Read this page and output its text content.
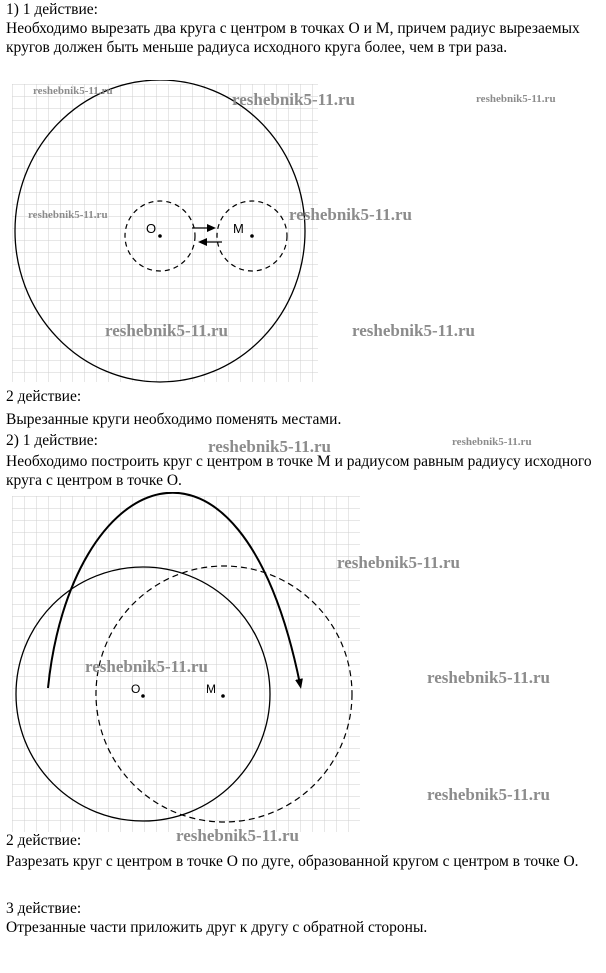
1) 1 действие:
Необходимо вырезать два круга с центром в точках O и M, причем радиус вырезаемых кругов должен быть меньше радиуса исходного круга более, чем в три раза.
O	M
2 действие:
Вырезанные круги необходимо поменять местами.
2) 1 действие:
Необходимо построить круг с центром в точке M и радиусом равным радиусу исходного круга с центром в точке O.
O	M
2 действие:
Разрезать круг с центром в точке O по дуге, образованной кругом с центром в точке O.
3 действие:
Отрезанные части приложить друг к другу с обратной стороны.
reshebnik5-11.ru	reshebnik5-11.ru	reshebnik5-11.ru
reshebnik5-11.ru	reshebnik5-11.ru
reshebnik5-11.ru	reshebnik5-11.ru
reshebnik5-11.ru	reshebnik5-11.ru
reshebnik5-11.ru
reshebnik5-11.ru
reshebnik5-11.ru
reshebnik5-11.ru
reshebnik5-11.ru
